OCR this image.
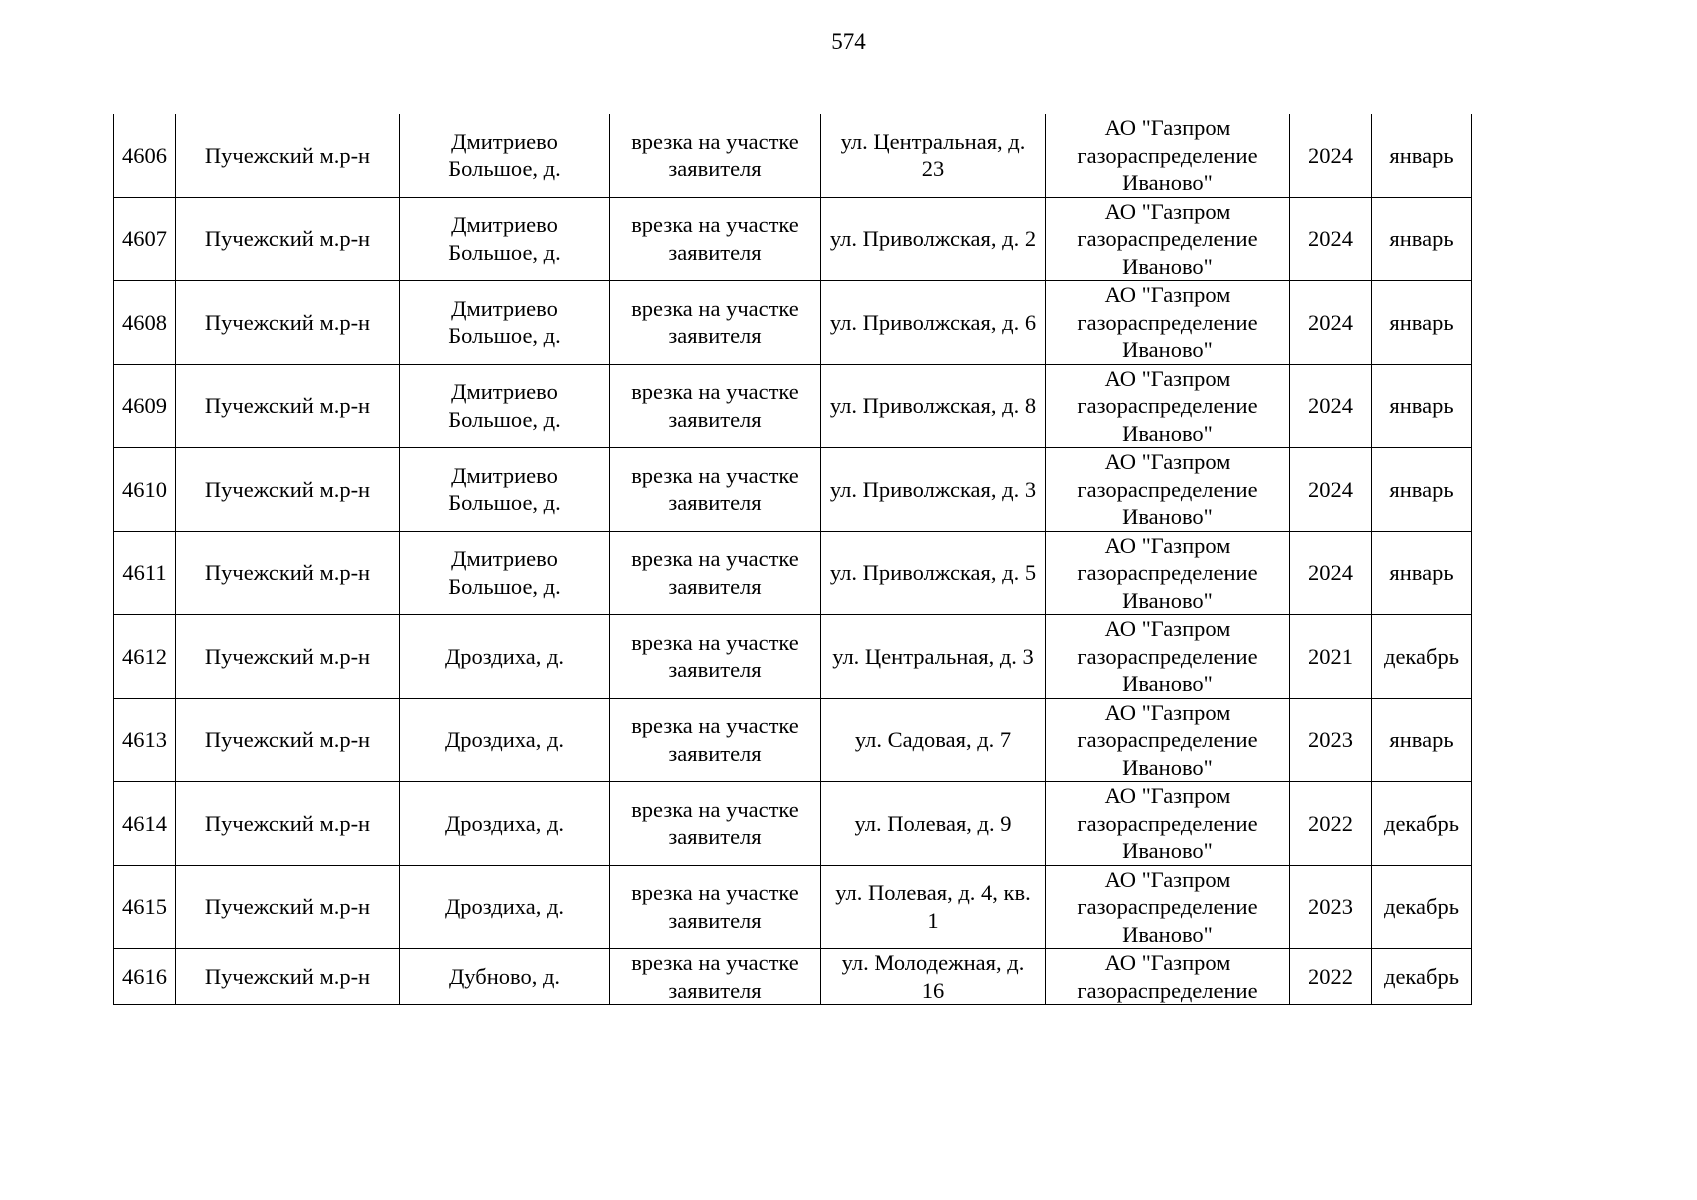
574
4606	Пучежский м.р-н	Дмитриево Большое, д.	врезка на участке заявителя	ул. Центральная, д. 23	АО "Газпром газораспределение Иваново"	2024	январь
4607	Пучежский м.р-н	Дмитриево Большое, д.	врезка на участке заявителя	ул. Приволжская, д. 2	АО "Газпром газораспределение Иваново"	2024	январь
4608	Пучежский м.р-н	Дмитриево Большое, д.	врезка на участке заявителя	ул. Приволжская, д. 6	АО "Газпром газораспределение Иваново"	2024	январь
4609	Пучежский м.р-н	Дмитриево Большое, д.	врезка на участке заявителя	ул. Приволжская, д. 8	АО "Газпром газораспределение Иваново"	2024	январь
4610	Пучежский м.р-н	Дмитриево Большое, д.	врезка на участке заявителя	ул. Приволжская, д. 3	АО "Газпром газораспределение Иваново"	2024	январь
4611	Пучежский м.р-н	Дмитриево Большое, д.	врезка на участке заявителя	ул. Приволжская, д. 5	АО "Газпром газораспределение Иваново"	2024	январь
4612	Пучежский м.р-н	Дроздиха, д.	врезка на участке заявителя	ул. Центральная, д. 3	АО "Газпром газораспределение Иваново"	2021	декабрь
4613	Пучежский м.р-н	Дроздиха, д.	врезка на участке заявителя	ул. Садовая, д. 7	АО "Газпром газораспределение Иваново"	2023	январь
4614	Пучежский м.р-н	Дроздиха, д.	врезка на участке заявителя	ул. Полевая, д. 9	АО "Газпром газораспределение Иваново"	2022	декабрь
4615	Пучежский м.р-н	Дроздиха, д.	врезка на участке заявителя	ул. Полевая, д. 4, кв. 1	АО "Газпром газораспределение Иваново"	2023	декабрь
4616	Пучежский м.р-н	Дубново, д.	врезка на участке заявителя	ул. Молодежная, д. 16	АО "Газпром газораспределение	2022	декабрь
